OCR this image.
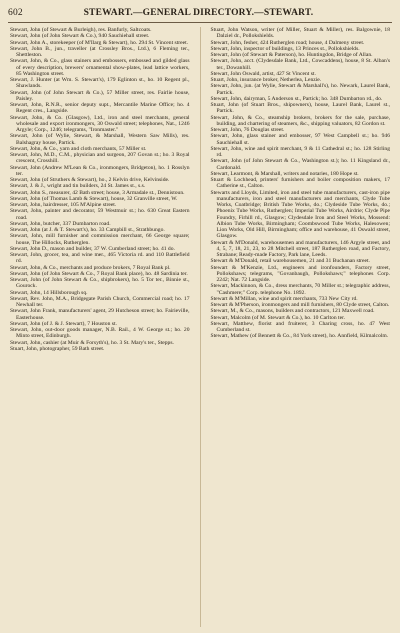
602	STEWART.—GENERAL DIRECTORY.—STEWART.
Stewart, John (of Stewart & Burleigh), res. Banfurly, Saltcoats.
Stewart, John (of John Stewart & Co.), 940 Sauchiehall street.
Stewart, John A., storekeeper (of M'Ilarg & Stewart), ho. 294 St. Vincent street.
Stewart, John B., jun., traveller (at Crossley Bros., Ltd.), 6 Fleming ter., Shettleston.
Stewart, John, & Co., glass stainers and embossers, embossed and gilded glass of every description, brewers' ornamental show-plates, lead lattice workers, 85 Washington street.
Stewart, J. Hunter (at Wm. S. Stewart's), 179 Eglinton st., ho. 10 Regent pl., Shawlands.
Stewart, John (of John Stewart & Co.), 57 Miller street, res. Fairlie house, Paisley.
Stewart, John, R.N.R., senior deputy supt., Mercantile Marine Office; ho. 4 Regent cres., Langside.
Stewart, John, & Co. (Glasgow), Ltd., iron and steel merchants, general wholesale and export ironmongers, 30 Oswald street; telephones, Nat., 1246 Argyle; Corp., 1246; telegrams, "Ironmaster."
Stewart, John (of Wylie, Stewart, & Marshall, Western Saw Mills), res. Balshagray house, Partick.
Stewart, John, & Co., yarn and cloth merchants, 57 Miller st.
Stewart, John, M.D., C.M., physician and surgeon, 207 Govan st.; ho. 3 Royal crescent, Crosshill.
Stewart, John (Andrew M'Lean & Co., ironmongers, Bridgeton), ho. 1 Rosslyn ter.
Stewart, John (of Struthers & Stewart), ho., 2 Kelvin drive, Kelvinside.
Stewart, J. & J., wright and tin builders, 24 St. James st., s.s.
Stewart, John S., measurer, 42 Bath street; house, 3 Armadale st., Dennistoun.
Stewart, John (of Thomas Lamb & Stewart), house, 32 Granville street, W.
Stewart, John, hairdresser, 105 M'Alpine street.
Stewart, John, painter and decorator, 59 Westmuir st.; ho. 630 Great Eastern road.
Stewart, John, butcher, 337 Dumbarton road.
Stewart, John (at J. & T. Stewart's), ho. 33 Campbill st., Strathbungo.
Stewart, John, mill furnisher and commission merchant, 66 George square; house, The Hillocks, Rutherglen.
Stewart, John D., mason and builder, 37 W. Cumberland street; ho. 41 do.
Stewart, John, grocer, tea, and wine mer., 465 Victoria rd. and 110 Battlefield rd.
Stewart, John, & Co., merchants and produce brokers, 7 Royal Bank pl.
Stewart, John (of John Stewart & Co., 7 Royal Bank place), ho. 48 Sardinia ter.
Stewart, John (of John Stewart & Co., shipbrokers), ho. 5 Tor ter., Binnie st., Gourock.
Stewart, John, 14 Hillsborough sq.
Stewart, Rev. John, M.A., Bridgegate Parish Church, Commercial road; ho. 17 Newhall ter.
Stewart, John Frank, manufacturers' agent, 29 Hutcheson street; ho. Fairieville, Easterhouse.
Stewart, John (of J. & J. Stewart), 7 Houston st.
Stewart, John, out-door goods manager, N.B. Rail., 4 W. George st.; ho. 20 Minto street, Edinburgh.
Stewart, John, cashier (at Muir & Forsyth's), ho. 3 St. Mary's ter., Stepps.
Stuart, John, photographer, 59 Bath street.
Stuart, John Watson, writer (of Miller, Stuart & Miller), res. Balgownie, 18 Dalziel dr., Pollokshields.
Stewart, John, fesher, 424 Rutherglen road; house, 4 Dalmeny street.
Stewart, John, inspector of buildings, 13 Princes st., Pollokshields.
Stewart, John (of Stewart & Paterson), ho. Huntingdon, Bridge of Allan.
Stewart, John, acct. (Clydesdale Bank, Ltd., Cowcaddens), house, 8 St. Alban's ter., Dowanhill.
Stewart, John Oswald, artist, 427 St Vincent st.
Stuart, John, insurance broker, Netherlea, Lenzie.
Stewart, John, jun. (at Wylie, Stewart & Marshall's), ho. Newark, Laurel Bank, Partick.
Stewart, John, dairyman, 5 Anderson st., Partick; ho. 348 Dumbarton rd., do.
Stuart, John (of Stuart Bros., shipowners), house, Laurel Bank, Laurel st., Partick.
Stewart, John, & Co., steamship brokers, brokers for the sale, purchase, building, and chartering of steamers, &c., shipping valuators, 82 Gordon st.
Stewart, John, 76 Douglas street.
Stewart, John, glass stainer and embosser, 97 West Campbell st.; ho. 946 Sauchiehall st.
Stewart, John, wine and spirit merchant, 9 & 11 Cathedral st.; ho. 128 Stirling rd.
Stewart, John (of John Stewart & Co., Washington st.); ho. 11 Kingsland dr., Cardonald.
Stewart, Learmont, & Marshall, writers and notaries, 180 Hope st.
Stuart & Lochhead, printers' furnishers and boiler composition makers, 17 Catherine st., Calton.
Stewarts and Lloyds, Limited, iron and steel tube manufacturers, cast-iron pipe manufacturers, iron and steel manufacturers and merchants, Clyde Tube Works, Coatbridge; British Tube Works, do.; Clydeside Tube Works, do.; Phoenix Tube Works, Rutherglen; Imperial Tube Works, Airdrie; Clyde Pipe Foundry, Firhill rd., Glasgow; Clydesdale Iron and Steel Works, Mossend: Albion Tube Works, Birmingham; Coombswood Tube Works, Halesowen; Lion Works, Old Hill, Birmingham; office and warehouse, 41 Oswald street, Glasgow.
Stewart & M'Donald, warehousemen and manufacturers, 146 Argyle street, and 4, 5, 7, 18, 21, 23, to 28 Mitchell street, 187 Rutherglen road, and Factory, Strabane; Ready-made Factory, Park lane, Leeds.
Stewart & M'Donald, retail warehousemen, 21 and 31 Buchanan street.
Stewart & M'Kenzie, Ltd., engineers and ironfounders, Factory street, Pollokshaws; telegrams, "Govanbaugh, Pollokshaws;" telephones Corp. 2242; Nat. 72 Langside.
Stewart, Mackinnon, & Co., dress merchants, 70 Miller st.; telegraphic address, "Cashmere;" Corp. telephone No. 1892.
Stewart & M'Millan, wine and spirit merchants, 733 New City rd.
Stewart & M'Pherson, ironmongers and mill furnishers, 80 Clyde street, Calton.
Stewart, M., & Co., masons, builders and contractors, 121 Maxwell road.
Stewart, Malcolm (of M. Stewart & Co.), ho. 10 Carlton ter.
Stewart, Matthew, florist and fruiterer, 3 Charing cross, ho. 47 West Cumberland st.
Stewart, Mathew (of Bennett & Co., 84 York street), ho. Annfield, Kilmalcolm.
